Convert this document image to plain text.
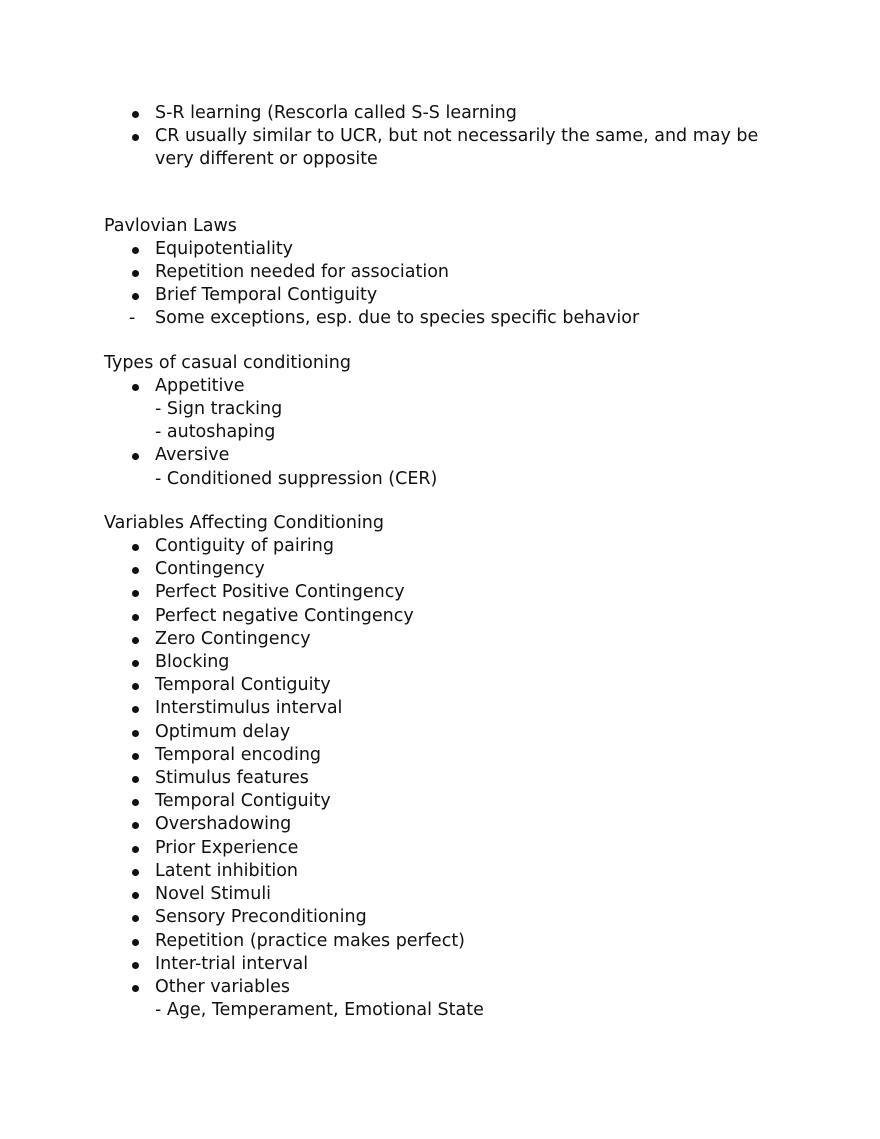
S-R learning (Rescorla called S-S learning
CR usually similar to UCR, but not necessarily the same, and may be very different or opposite

Pavlovian Laws

Equipotentiality
Repetition needed for association
Brief Temporal Contiguity
- Some exceptions, esp. due to species specific behavior

Types of casual conditioning

Appetitive
- Sign tracking
- autoshaping
Aversive
- Conditioned suppression (CER)

Variables Affecting Conditioning

Contiguity of pairing
Contingency
Perfect Positive Contingency
Perfect negative Contingency
Zero Contingency
Blocking
Temporal Contiguity
Interstimulus interval
Optimum delay
Temporal encoding
Stimulus features
Temporal Contiguity
Overshadowing
Prior Experience
Latent inhibition
Novel Stimuli
Sensory Preconditioning
Repetition (practice makes perfect)
Inter-trial interval
Other variables
- Age, Temperament, Emotional State
